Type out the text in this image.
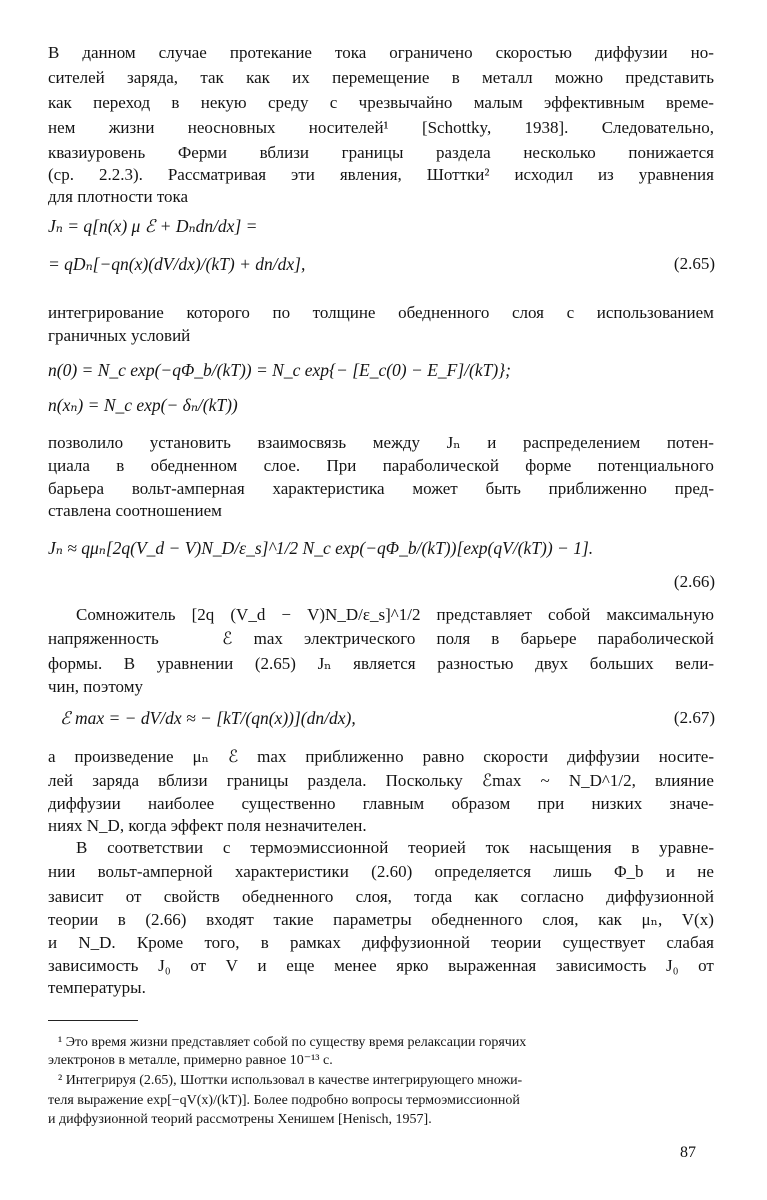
В данном случае протекание тока ограничено скоростью диффузии но-
сителей заряда, так как их перемещение в металл можно представить
как переход в некую среду с чрезвычайно малым эффективным време-
нем жизни неосновных носителей¹ [Schottky, 1938]. Следовательно,
квазиуровень Ферми вблизи границы раздела несколько понижается
(ср. 2.2.3). Рассматривая эти явления, Шоттки² исходил из уравнения
для плотности тока
Jₙ = q[n(x) μ ℰ + Dₙdn/dx] =
= qDₙ[−qn(x)(dV/dx)/(kT) + dn/dx],	(2.65)
интегрирование которого по толщине обедненного слоя с использованием
граничных условий
n(0) = N_c exp(−qΦ_b/(kT)) = N_c exp{− [E_c(0) − E_F]/(kT)};
n(xₙ) = N_c exp(− δₙ/(kT))
позволило установить взаимосвязь между Jₙ и распределением потен-
циала в обедненном слое. При параболической форме потенциального
барьера вольт-амперная характеристика может быть приближенно пред-
ставлена соотношением
Jₙ ≈ qμₙ[2q(V_d − V)N_D/ε_s]^1/2 N_c exp(−qΦ_b/(kT))[exp(qV/(kT)) − 1].
(2.66)
Сомножитель [2q (V_d − V)N_D/ε_s]^1/2 представляет собой максимальную
напряженность	ℰ max электрического поля в барьере параболической
формы. В уравнении (2.65) Jₙ является разностью двух больших вели-
чин, поэтому
ℰ max = − dV/dx ≈ − [kT/(qn(x))](dn/dx),	(2.67)
а произведение μₙ ℰ max приближенно равно скорости диффузии носите-
лей заряда вблизи границы раздела. Поскольку ℰmax ~ N_D^1/2, влияние
диффузии наиболее существенно главным образом при низких значе-
ниях N_D, когда эффект поля незначителен.
В соответствии с термоэмиссионной теорией ток насыщения в уравне-
нии вольт-амперной характеристики (2.60) определяется лишь Φ_b и не
зависит от свойств обедненного слоя, тогда как согласно диффузионной
теории в (2.66) входят такие параметры обедненного слоя, как μₙ, V(x)
и N_D. Кроме того, в рамках диффузионной теории существует слабая
зависимость J₀ от V и еще менее ярко выраженная зависимость J₀ от
температуры.
¹ Это время жизни представляет собой по существу время релаксации горячих
электронов в металле, примерно равное 10⁻¹³ с.
² Интегрируя (2.65), Шоттки использовал в качестве интегрирующего множи-
теля выражение exp[−qV(x)/(kT)]. Более подробно вопросы термоэмиссионной
и диффузионной теорий рассмотрены Хенишем [Henisch, 1957].
87
